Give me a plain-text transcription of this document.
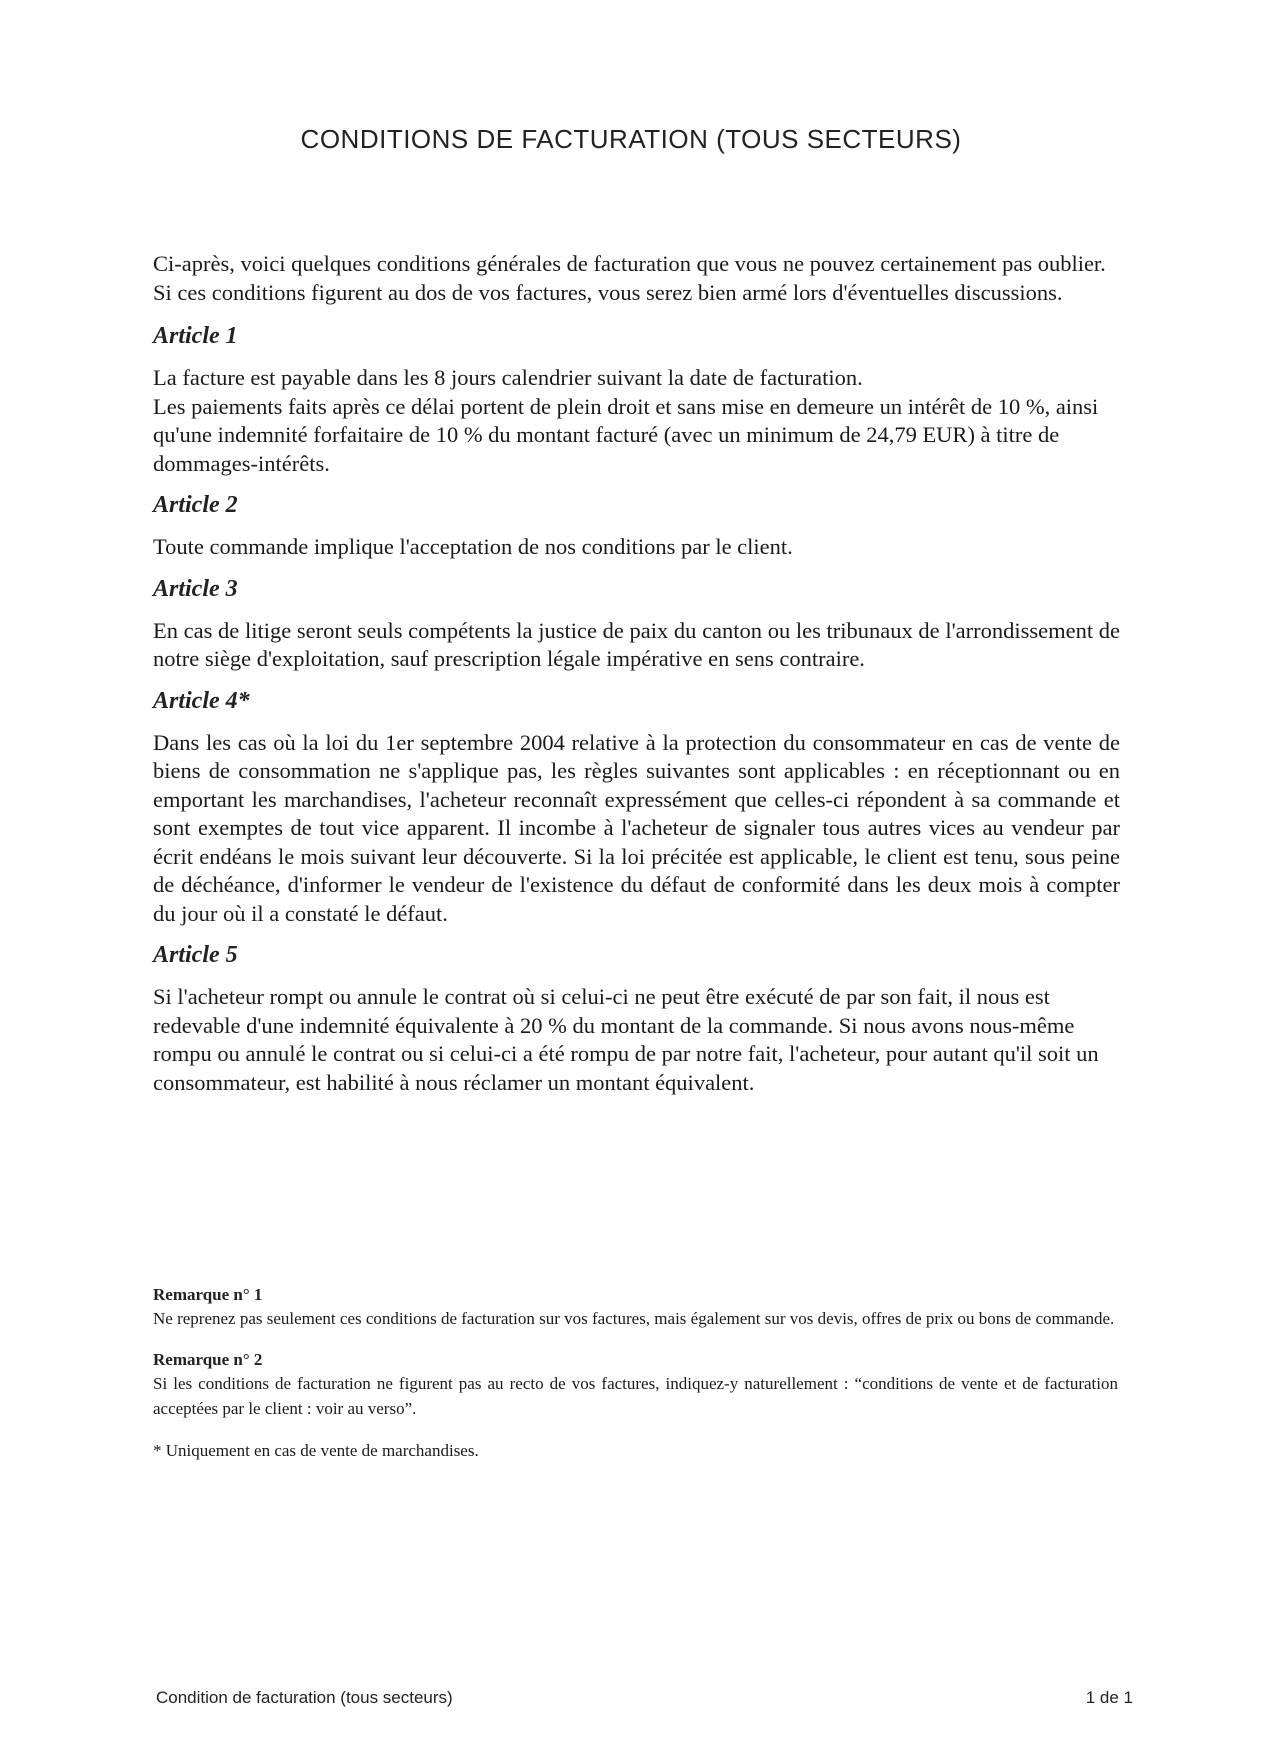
CONDITIONS DE FACTURATION (TOUS SECTEURS)

Ci-après, voici quelques conditions générales de facturation que vous ne pouvez certainement pas oublier. Si ces conditions figurent au dos de vos factures, vous serez bien armé lors d'éventuelles discussions.

Article 1

La facture est payable dans les 8 jours calendrier suivant la date de facturation.

Les paiements faits après ce délai portent de plein droit et sans mise en demeure un intérêt de 10 %, ainsi qu'une indemnité forfaitaire de 10 % du montant facturé (avec un minimum de 24,79 EUR) à titre de dommages-intérêts.

Article 2

Toute commande implique l'acceptation de nos conditions par le client.

Article 3

En cas de litige seront seuls compétents la justice de paix du canton ou les tribunaux de l'arrondissement de notre siège d'exploitation, sauf prescription légale impérative en sens contraire.

Article 4*

Dans les cas où la loi du 1er septembre 2004 relative à la protection du consommateur en cas de vente de biens de consommation ne s'applique pas, les règles suivantes sont applicables : en réceptionnant ou en emportant les marchandises, l'acheteur reconnaît expressément que celles-ci répondent à sa commande et sont exemptes de tout vice apparent. Il incombe à l'acheteur de signaler tous autres vices au vendeur par écrit endéans le mois suivant leur découverte. Si la loi précitée est applicable, le client est tenu, sous peine de déchéance, d'informer le vendeur de l'existence du défaut de conformité dans les deux mois à compter du jour où il a constaté le défaut.

Article 5

Si l'acheteur rompt ou annule le contrat où si celui-ci ne peut être exécuté de par son fait, il nous est redevable d'une indemnité équivalente à 20 % du montant de la commande. Si nous avons nous-même rompu ou annulé le contrat ou si celui-ci a été rompu de par notre fait, l'acheteur, pour autant qu'il soit un consommateur, est habilité à nous réclamer un montant équivalent.

Remarque n° 1

Ne reprenez pas seulement ces conditions de facturation sur vos factures, mais également sur vos devis, offres de prix ou bons de commande.

Remarque n° 2

Si les conditions de facturation ne figurent pas au recto de vos factures, indiquez-y naturellement : “conditions de vente et de facturation acceptées par le client : voir au verso”.

* Uniquement en cas de vente de marchandises.

Condition de facturation (tous secteurs)	1 de 1
